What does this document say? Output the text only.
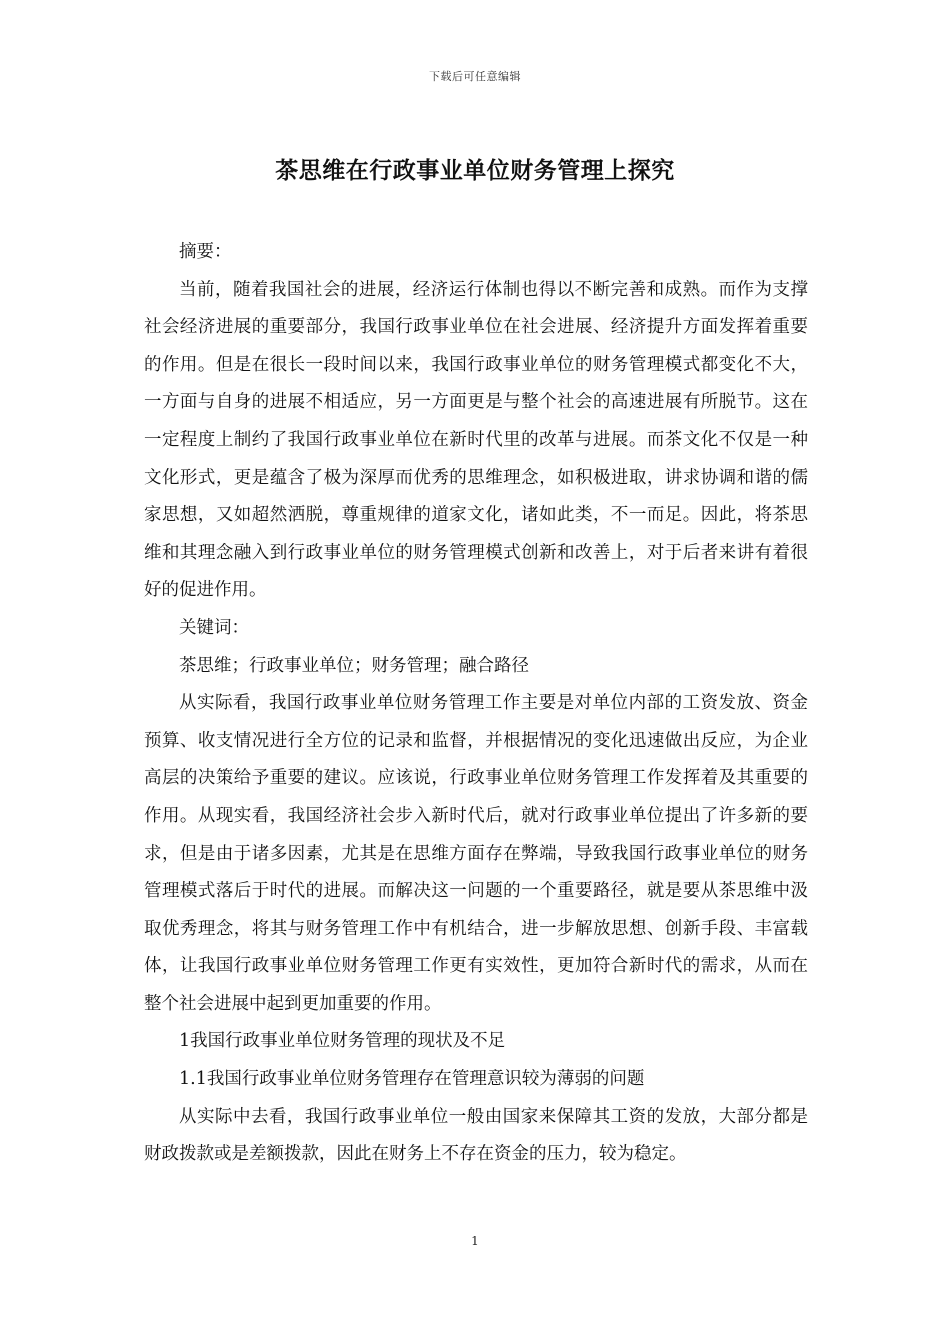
下载后可任意编辑
茶思维在行政事业单位财务管理上探究

摘要：

当前，随着我国社会的进展，经济运行体制也得以不断完善和成熟。而作为支撑社会经济进展的重要部分，我国行政事业单位在社会进展、经济提升方面发挥着重要的作用。但是在很长一段时间以来，我国行政事业单位的财务管理模式都变化不大，一方面与自身的进展不相适应，另一方面更是与整个社会的高速进展有所脱节。这在一定程度上制约了我国行政事业单位在新时代里的改革与进展。而茶文化不仅是一种文化形式，更是蕴含了极为深厚而优秀的思维理念，如积极进取，讲求协调和谐的儒家思想，又如超然洒脱，尊重规律的道家文化，诸如此类，不一而足。因此，将茶思维和其理念融入到行政事业单位的财务管理模式创新和改善上，对于后者来讲有着很好的促进作用。

关键词：

茶思维；行政事业单位；财务管理；融合路径

从实际看，我国行政事业单位财务管理工作主要是对单位内部的工资发放、资金预算、收支情况进行全方位的记录和监督，并根据情况的变化迅速做出反应，为企业高层的决策给予重要的建议。应该说，行政事业单位财务管理工作发挥着及其重要的作用。从现实看，我国经济社会步入新时代后，就对行政事业单位提出了许多新的要求，但是由于诸多因素，尤其是在思维方面存在弊端，导致我国行政事业单位的财务管理模式落后于时代的进展。而解决这一问题的一个重要路径，就是要从茶思维中汲取优秀理念，将其与财务管理工作中有机结合，进一步解放思想、创新手段、丰富载体，让我国行政事业单位财务管理工作更有实效性，更加符合新时代的需求，从而在整个社会进展中起到更加重要的作用。

1我国行政事业单位财务管理的现状及不足

1.1我国行政事业单位财务管理存在管理意识较为薄弱的问题

从实际中去看，我国行政事业单位一般由国家来保障其工资的发放，大部分都是财政拨款或是差额拨款，因此在财务上不存在资金的压力，较为稳定。

1
